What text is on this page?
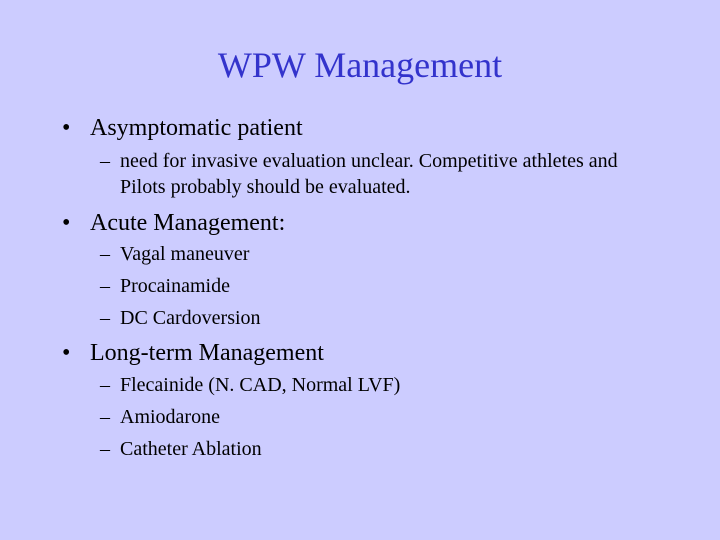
WPW Management
• Asymptomatic patient
– need for invasive evaluation unclear. Competitive athletes and Pilots probably should be evaluated.
• Acute Management:
– Vagal maneuver
– Procainamide
– DC Cardoversion
• Long-term Management
– Flecainide (N. CAD, Normal LVF)
– Amiodarone
– Catheter Ablation
